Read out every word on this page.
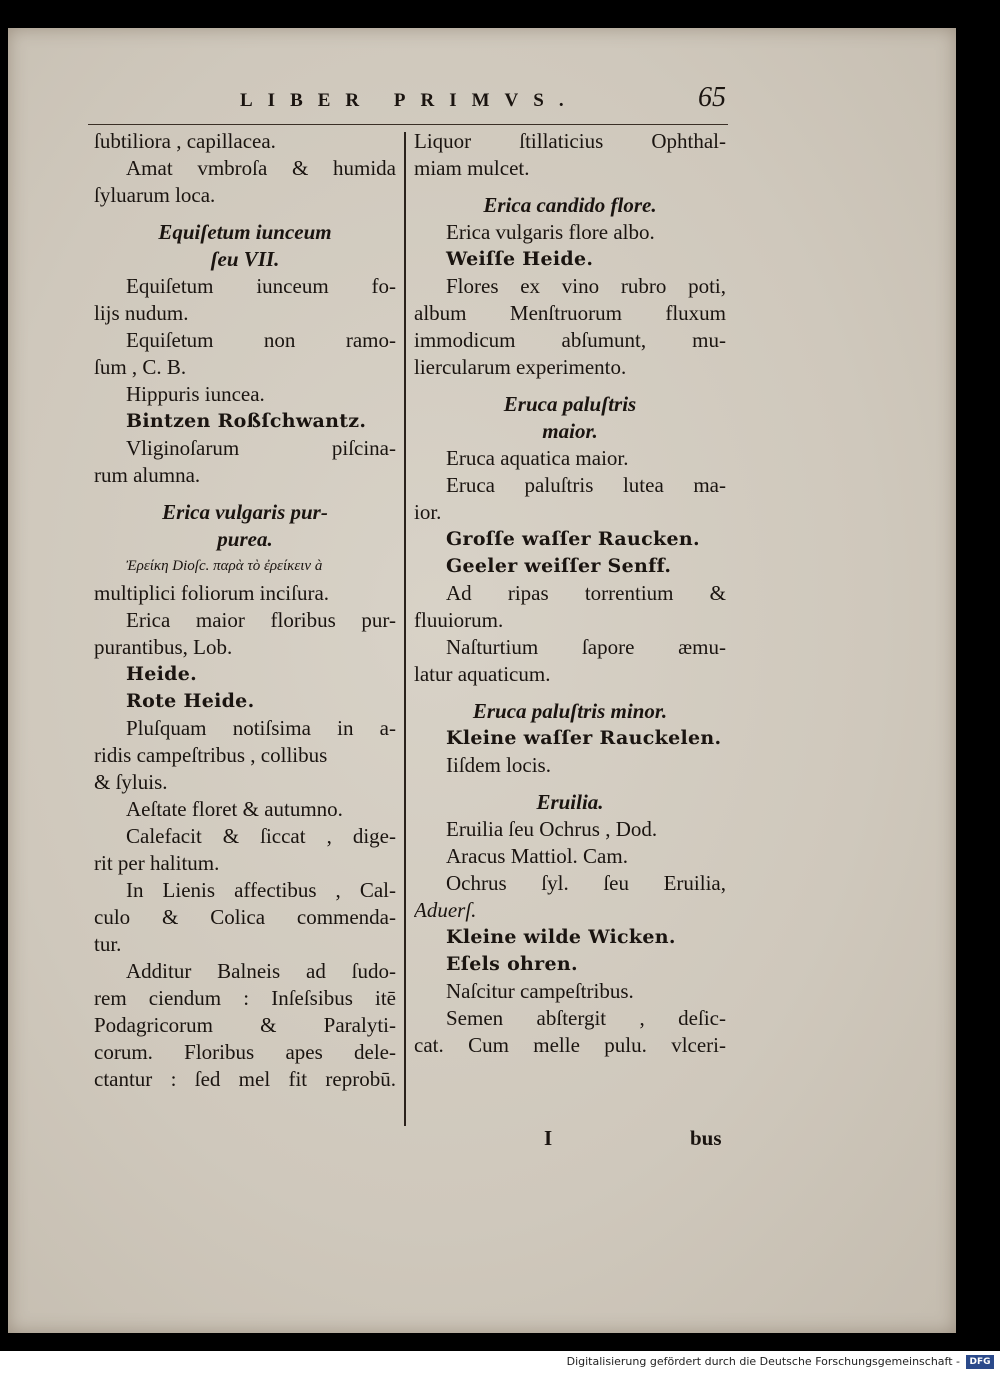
LIBER PRIMVS.	65
ſubtiliora , capillacea.
Amat vmbroſa & humida
ſyluarum loca.
Equiſetum iunceum
ſeu VII.
Equiſetum iunceum fo-
lijs nudum.
Equiſetum non ramo-
ſum , C. B.
Hippuris iuncea.
Bintzen Roßſchwantz.
Vliginoſarum piſcina-
rum alumna.
Erica vulgaris pur-
purea.
Ἐρείκη Dioſc. παρὰ τὸ ἐρείκειν à
multiplici foliorum inciſura.
Erica maior floribus pur-
purantibus, Lob.
Heide.
Rote Heide.
Pluſquam notiſsima in a-
ridis campeſtribus , collibus
& ſyluis.
Aeſtate floret & autumno.
Calefacit & ſiccat , dige-
rit per halitum.
In Lienis affectibus , Cal-
culo & Colica commenda-
tur.
Additur Balneis ad ſudo-
rem ciendum : Inſeſsibus itē
Podagricorum & Paralyti-
corum. Floribus apes dele-
ctantur : ſed mel fit reprobū.
Liquor ſtillaticius Ophthal-
miam mulcet.
Erica candido flore.
Erica vulgaris flore albo.
Weiſſe Heide.
Flores ex vino rubro poti,
album Menſtruorum fluxum
immodicum abſumunt, mu-
liercularum experimento.
Eruca paluſtris
maior.
Eruca aquatica maior.
Eruca paluſtris lutea ma-
ior.
Groſſe waſſer Raucken.
Geeler weiſſer Senff.
Ad ripas torrentium &
fluuiorum.
Naſturtium ſapore æmu-
latur aquaticum.
Eruca paluſtris minor.
Kleine waſſer Rauckelen.
Iiſdem locis.
Eruilia.
Eruilia ſeu Ochrus , Dod.
Aracus Mattiol. Cam.
Ochrus ſyl. ſeu Eruilia,
Aduerſ.
Kleine wilde Wicken.
Eſels ohren.
Naſcitur campeſtribus.
Semen abſtergit , deſic-
cat. Cum melle pulu. vlceri-
I	bus
Digitalisierung gefördert durch die Deutsche Forschungsgemeinschaft -	DFG
